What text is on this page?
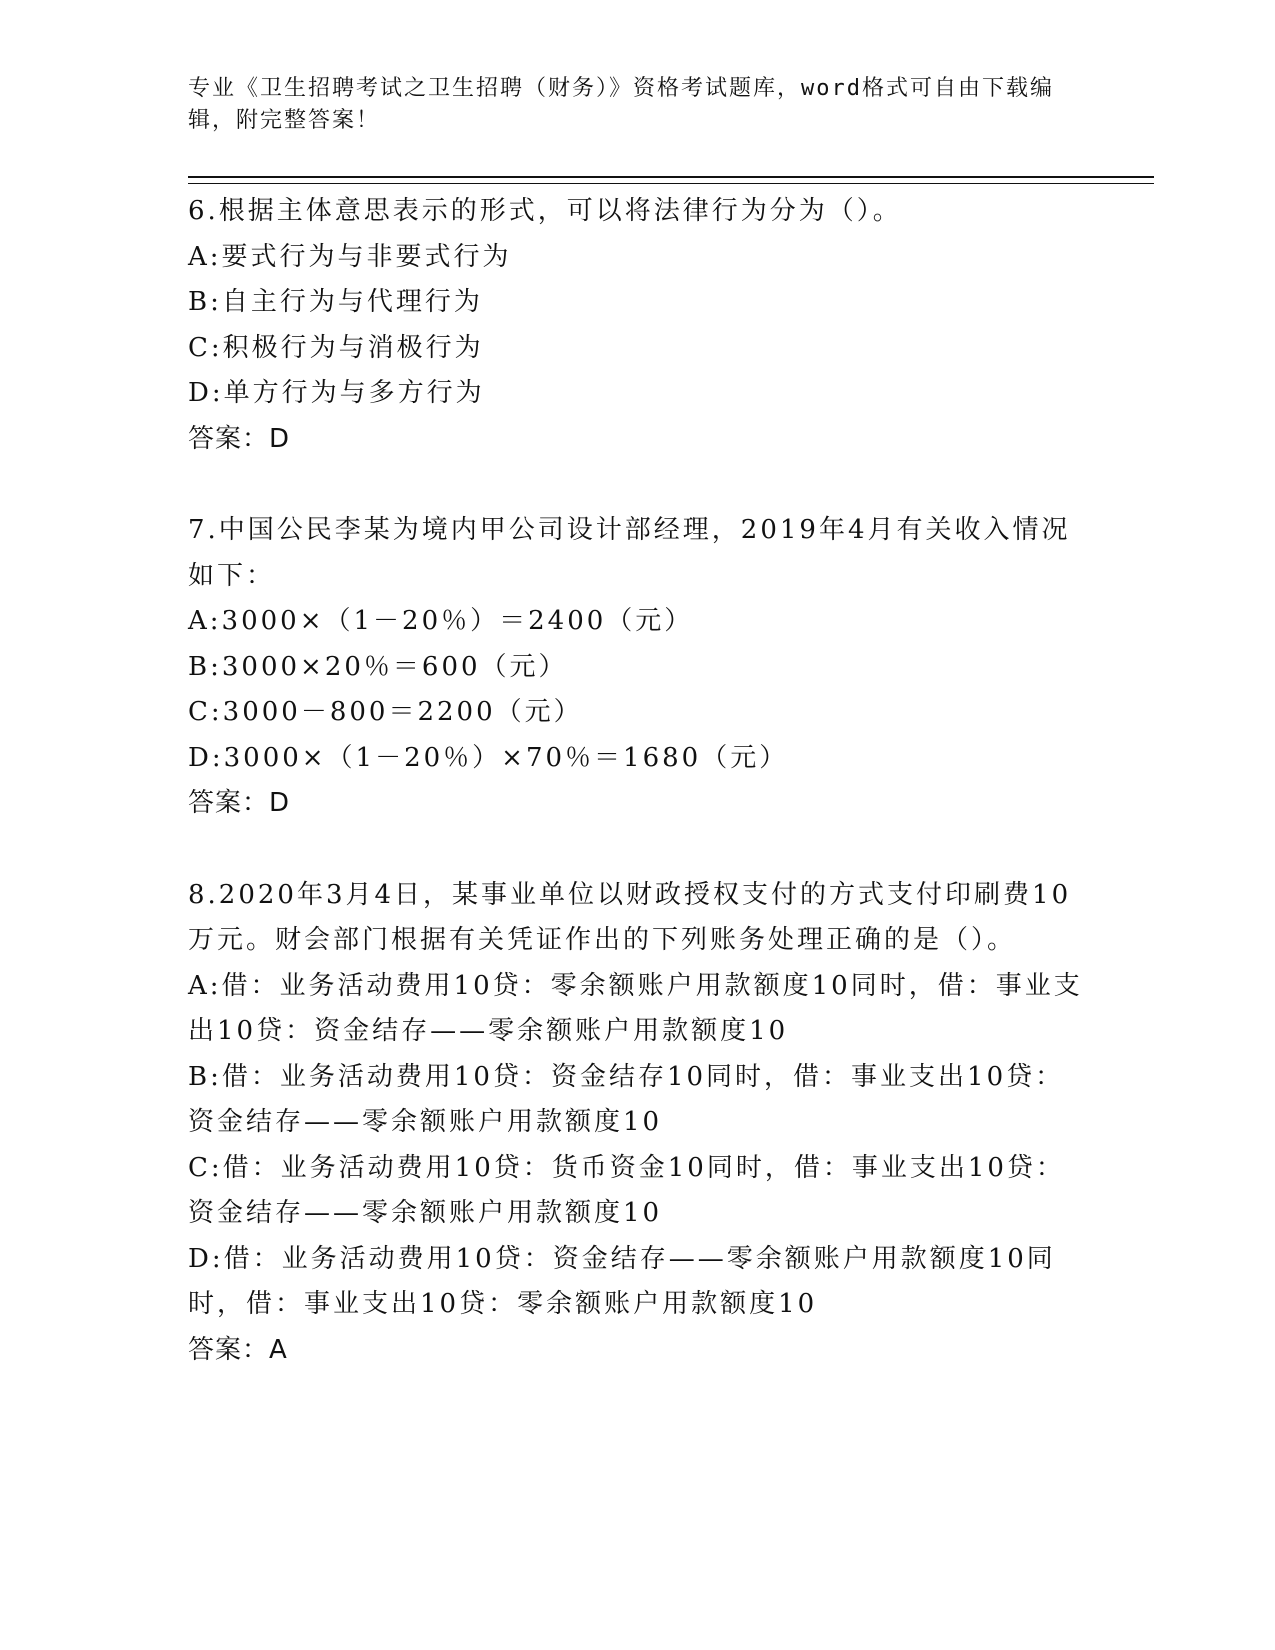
专业《卫生招聘考试之卫生招聘（财务）》资格考试题库，word格式可自由下载编辑，附完整答案！

6.根据主体意思表示的形式，可以将法律行为分为（）。

A:要式行为与非要式行为

B:自主行为与代理行为

C:积极行为与消极行为

D:单方行为与多方行为

答案：D

7.中国公民李某为境内甲公司设计部经理，2019年4月有关收入情况如下：

A:3000×（1－20％）＝2400（元）

B:3000×20％＝600（元）

C:3000－800＝2200（元）

D:3000×（1－20％）×70％＝1680（元）

答案：D

8.2020年3月4日，某事业单位以财政授权支付的方式支付印刷费10万元。财会部门根据有关凭证作出的下列账务处理正确的是（）。

A:借：业务活动费用10贷：零余额账户用款额度10同时，借：事业支出10贷：资金结存——零余额账户用款额度10

B:借：业务活动费用10贷：资金结存10同时，借：事业支出10贷：资金结存——零余额账户用款额度10

C:借：业务活动费用10贷：货币资金10同时，借：事业支出10贷：资金结存——零余额账户用款额度10

D:借：业务活动费用10贷：资金结存——零余额账户用款额度10同时，借：事业支出10贷：零余额账户用款额度10

答案：A
